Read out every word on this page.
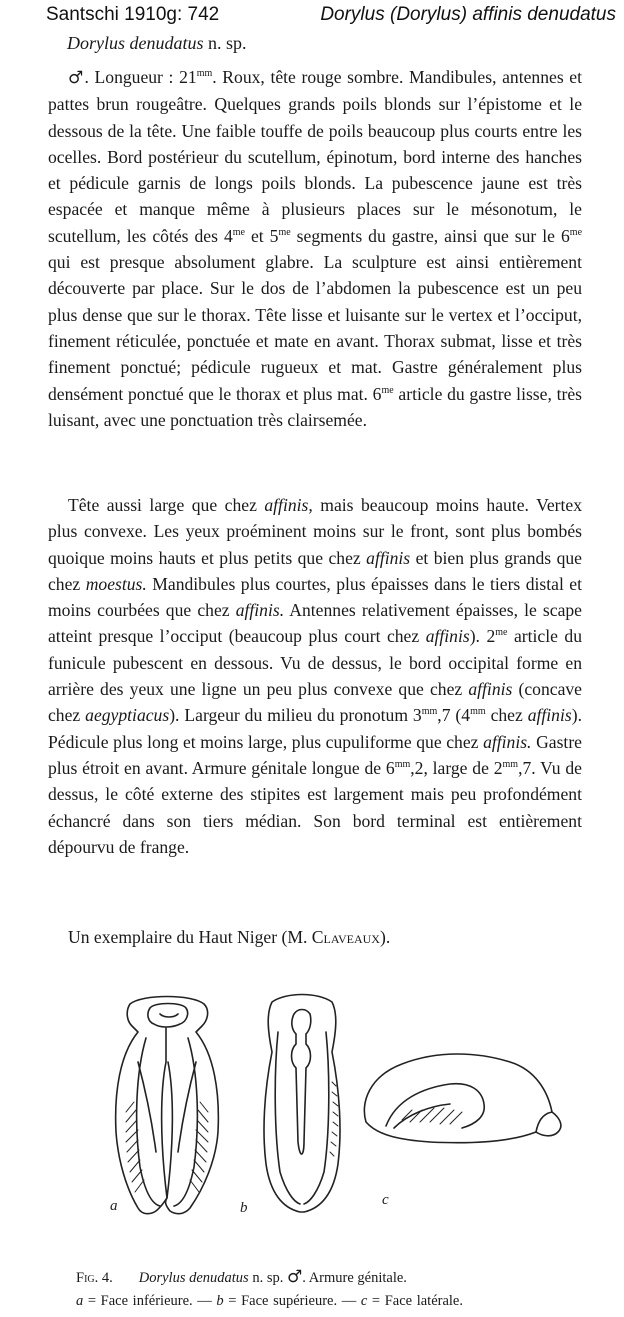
Santschi 1910g: 742	Dorylus (Dorylus) affinis denudatus
Dorylus denudatus n. sp.
♂. Longueur : $21^{mm}$. Roux, tête rouge sombre. Mandibules, antennes et pattes brun rougeâtre. Quelques grands poils blonds sur l’épistome et le dessous de la tête. Une faible touffe de poils beaucoup plus courts entre les ocelles. Bord postérieur du scutellum, épinotum, bord interne des hanches et pédicule garnis de longs poils blonds. La pubescence jaune est très espacée et manque même à plusieurs places sur le mésonotum, le scutellum, les côtés des $4^{me}$ et $5^{me}$ segments du gastre, ainsi que sur le $6^{me}$ qui est presque absolument glabre. La sculpture est ainsi entièrement découverte par place. Sur le dos de l’abdomen la pubescence est un peu plus dense que sur le thorax. Tête lisse et luisante sur le vertex et l’occiput, finement réticulée, ponctuée et mate en avant. Thorax submat, lisse et très finement ponctué; pédicule rugueux et mat. Gastre généralement plus densément ponctué que le thorax et plus mat. $6^{me}$ article du gastre lisse, très luisant, avec une ponctuation très clairsemée.
Tête aussi large que chez affinis, mais beaucoup moins haute. Vertex plus convexe. Les yeux proéminent moins sur le front, sont plus bombés quoique moins hauts et plus petits que chez affinis et bien plus grands que chez moestus. Mandibules plus courtes, plus épaisses dans le tiers distal et moins courbées que chez affinis. Antennes relativement épaisses, le scape atteint presque l’occiput (beaucoup plus court chez affinis). $2^{me}$ article du funicule pubescent en dessous. Vu de dessus, le bord occipital forme en arrière des yeux une ligne un peu plus convexe que chez affinis (concave chez aegyptiacus). Largeur du milieu du pronotum $3^{mm},7$ ($4^{mm}$ chez affinis). Pédicule plus long et moins large, plus cupuliforme que chez affinis. Gastre plus étroit en avant. Armure génitale longue de $6^{mm},2$, large de $2^{mm},7$. Vu de dessus, le côté externe des stipites est largement mais peu profondément échancré dans son tiers médian. Son bord terminal est entièrement dépourvu de frange.
Un exemplaire du Haut Niger (M. Claveaux).
a	b	c
Fig. 4. Dorylus denudatus n. sp. ♂. Armure génitale.
a = Face inférieure. — b = Face supérieure. — c = Face latérale.
